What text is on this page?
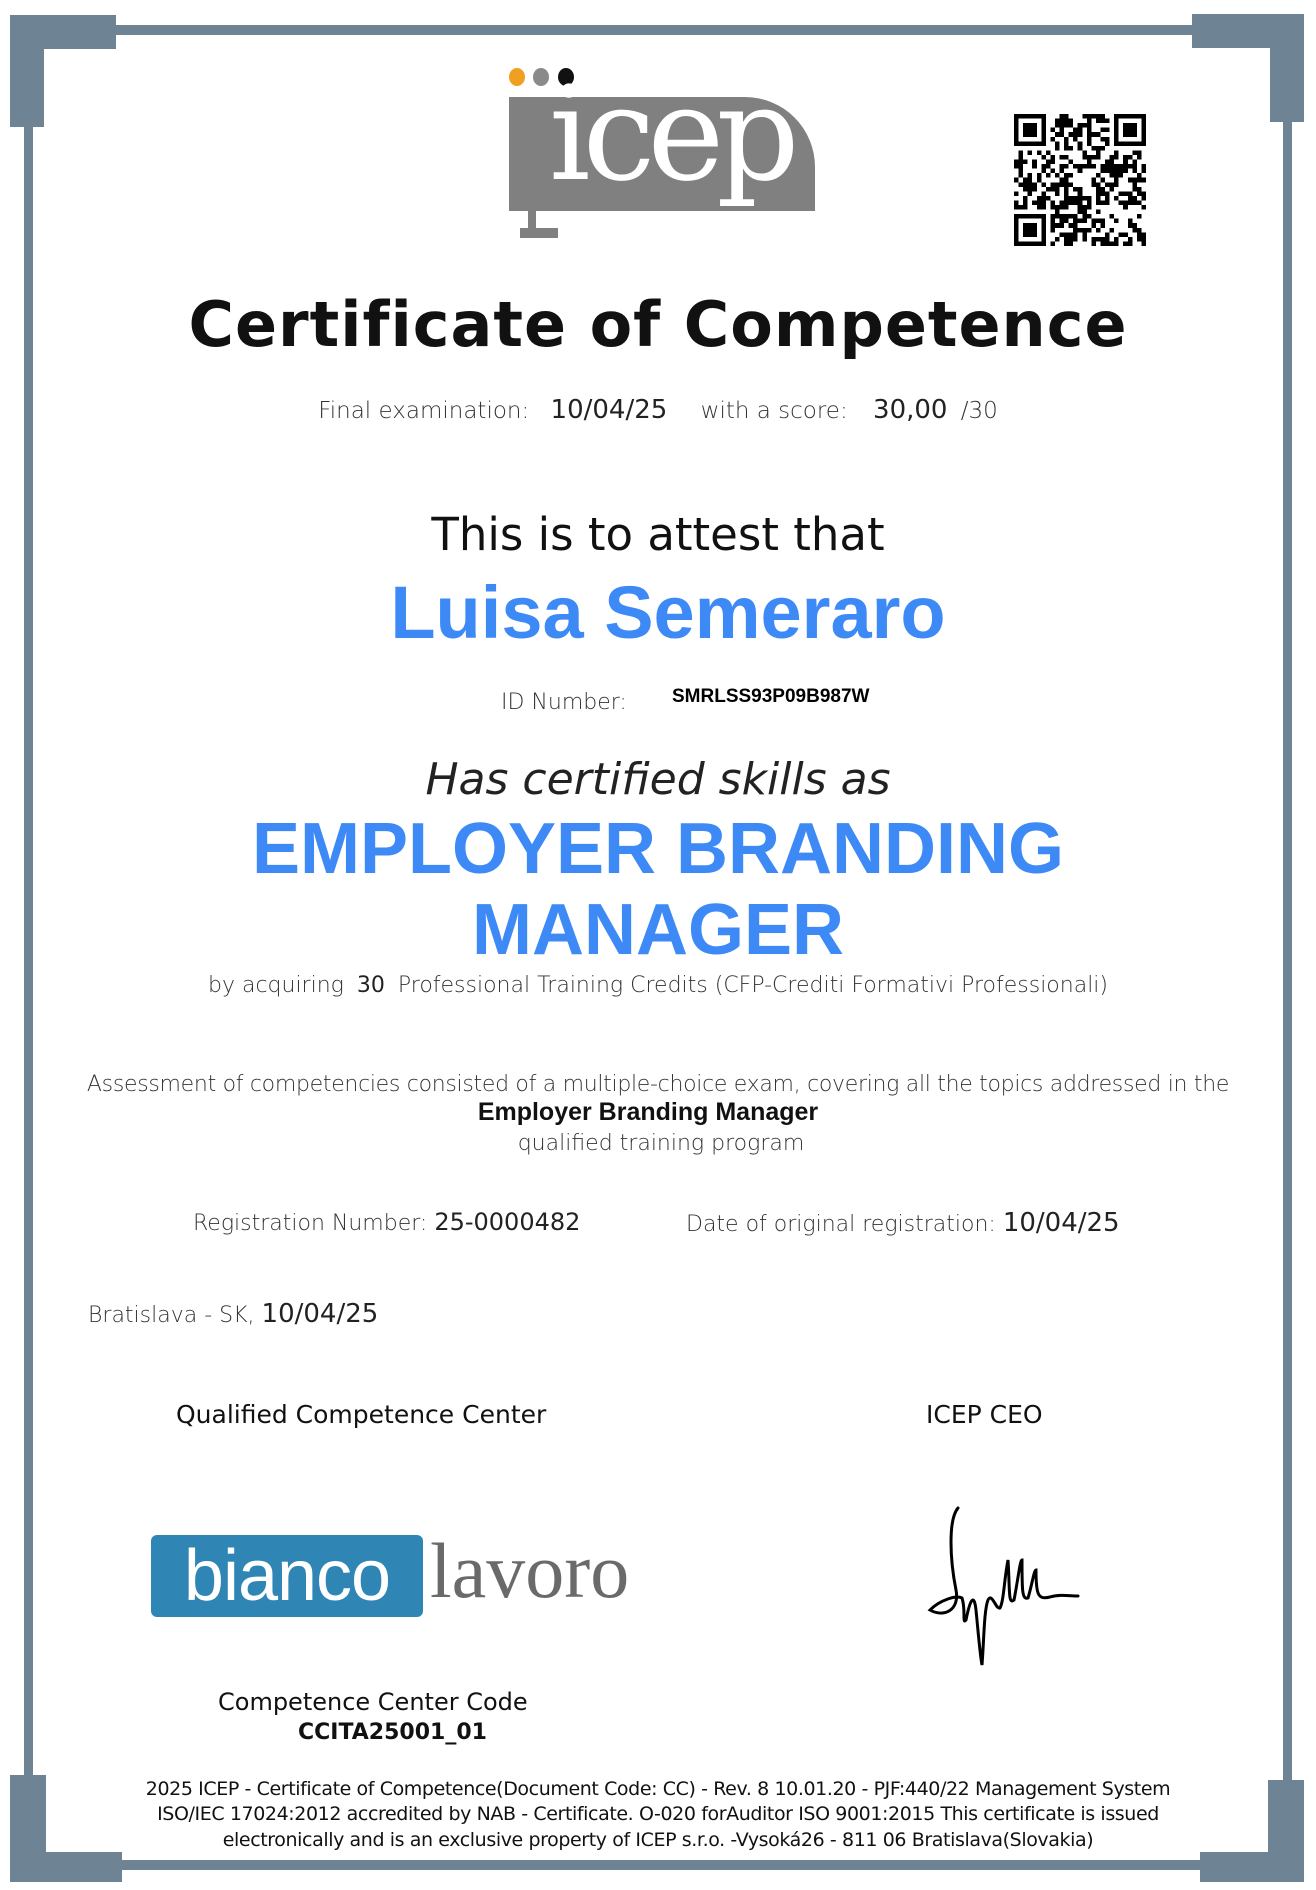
icep
Certificate of Competence
Final examination: 10/04/25 with a score: 30,00 /30
This is to attest that
Luisa Semeraro
ID Number: SMRLSS93P09B987W
Has certified skills as
EMPLOYER BRANDING
MANAGER
by acquiring 30 Professional Training Credits (CFP-Crediti Formativi Professionali)
Assessment of competencies consisted of a multiple-choice exam, covering all the topics addressed in the
Employer Branding Manager
qualified training program
Registration Number: 25-0000482	Date of original registration: 10/04/25
Bratislava - SK, 10/04/25
Qualified Competence Center	ICEP CEO
bianco lavoro
Competence Center Code
CCITA25001_01
2025 ICEP - Certificate of Competence(Document Code: CC) - Rev. 8 10.01.20 - PJF:440/22 Management System
ISO/IEC 17024:2012 accredited by NAB - Certificate. O-020 forAuditor ISO 9001:2015 This certificate is issued
electronically and is an exclusive property of ICEP s.r.o. -Vysoká26 - 811 06 Bratislava(Slovakia)
